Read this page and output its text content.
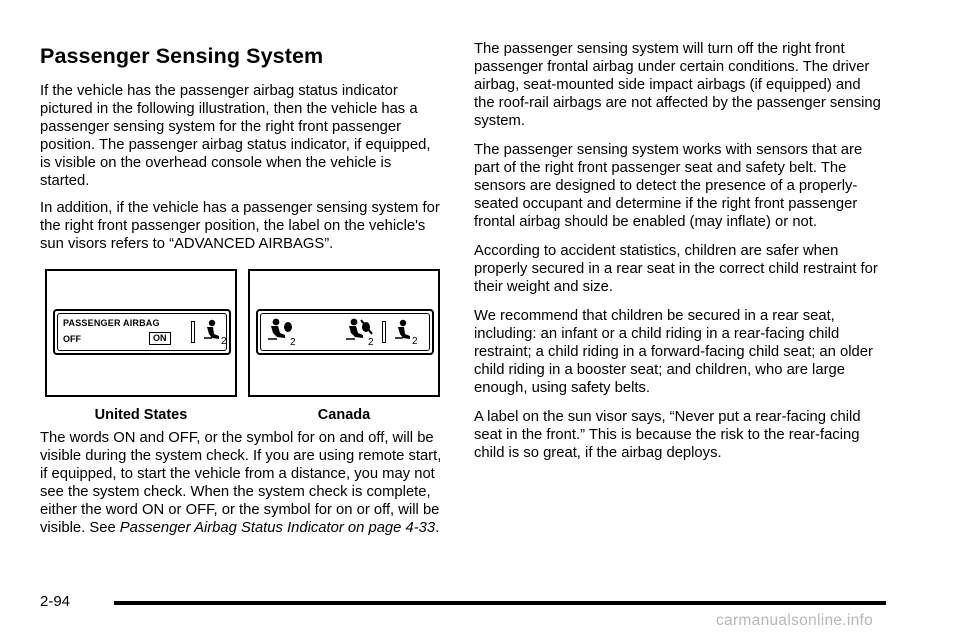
Passenger Sensing System

If the vehicle has the passenger airbag status indicator pictured in the following illustration, then the vehicle has a passenger sensing system for the right front passenger position. The passenger airbag status indicator, if equipped, is visible on the overhead console when the vehicle is started.

In addition, if the vehicle has a passenger sensing system for the right front passenger position, the label on the vehicle's sun visors refers to “ADVANCED AIRBAGS”.

PASSENGER AIRBAG
OFF	ON	2	2	2	2
United States	Canada

The words ON and OFF, or the symbol for on and off, will be visible during the system check. If you are using remote start, if equipped, to start the vehicle from a distance, you may not see the system check. When the system check is complete, either the word ON or OFF, or the symbol for on or off, will be visible. See Passenger Airbag Status Indicator on page 4-33.

The passenger sensing system will turn off the right front passenger frontal airbag under certain conditions. The driver airbag, seat-mounted side impact airbags (if equipped) and the roof-rail airbags are not affected by the passenger sensing system.

The passenger sensing system works with sensors that are part of the right front passenger seat and safety belt. The sensors are designed to detect the presence of a properly-seated occupant and determine if the right front passenger frontal airbag should be enabled (may inflate) or not.

According to accident statistics, children are safer when properly secured in a rear seat in the correct child restraint for their weight and size.

We recommend that children be secured in a rear seat, including: an infant or a child riding in a rear-facing child restraint; a child riding in a forward-facing child seat; an older child riding in a booster seat; and children, who are large enough, using safety belts.

A label on the sun visor says, “Never put a rear-facing child seat in the front.” This is because the risk to the rear-facing child is so great, if the airbag deploys.

2-94
carmanualsonline.info
